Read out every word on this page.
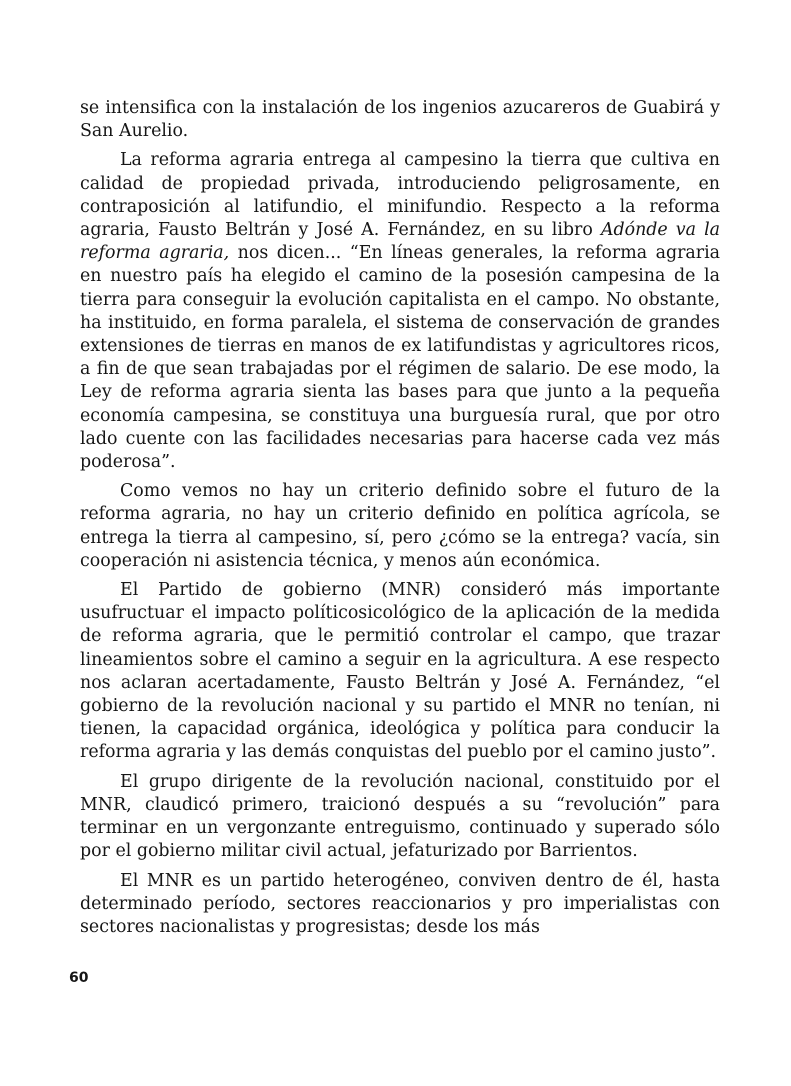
se intensifica con la instalación de los ingenios azucareros de Guabirá y San Aurelio.

La reforma agraria entrega al campesino la tierra que cultiva en calidad de propiedad privada, introduciendo peligrosamente, en contraposición al latifundio, el minifundio. Respecto a la reforma agraria, Fausto Beltrán y José A. Fernández, en su libro Adónde va la reforma agraria, nos dicen... “En líneas generales, la reforma agraria en nuestro país ha elegido el camino de la posesión campesina de la tierra para conseguir la evolución capitalista en el campo. No obstante, ha instituido, en forma paralela, el sistema de conservación de grandes extensiones de tierras en manos de ex latifundistas y agricultores ricos, a fin de que sean trabajadas por el régimen de salario. De ese modo, la Ley de reforma agraria sienta las bases para que junto a la pequeña economía campesina, se constituya una burguesía rural, que por otro lado cuente con las facilidades necesarias para hacerse cada vez más poderosa”.

Como vemos no hay un criterio definido sobre el futuro de la reforma agraria, no hay un criterio definido en política agrícola, se entrega la tierra al campesino, sí, pero ¿cómo se la entrega? vacía, sin cooperación ni asistencia técnica, y menos aún económica.

El Partido de gobierno (MNR) consideró más importante usufructuar el impacto políticosicológico de la aplicación de la medida de reforma agraria, que le permitió controlar el campo, que trazar lineamientos sobre el camino a seguir en la agricultura. A ese respecto nos aclaran acertadamente, Fausto Beltrán y José A. Fernández, “el gobierno de la revolución nacional y su partido el MNR no tenían, ni tienen, la capacidad orgánica, ideológica y política para conducir la reforma agraria y las demás conquistas del pueblo por el camino justo”.

El grupo dirigente de la revolución nacional, constituido por el MNR, claudicó primero, traicionó después a su “revolución” para terminar en un vergonzante entreguismo, continuado y superado sólo por el gobierno militar civil actual, jefaturizado por Barrientos.

El MNR es un partido heterogéneo, conviven dentro de él, hasta determinado período, sectores reaccionarios y pro imperialistas con sectores nacionalistas y progresistas; desde los más

60
